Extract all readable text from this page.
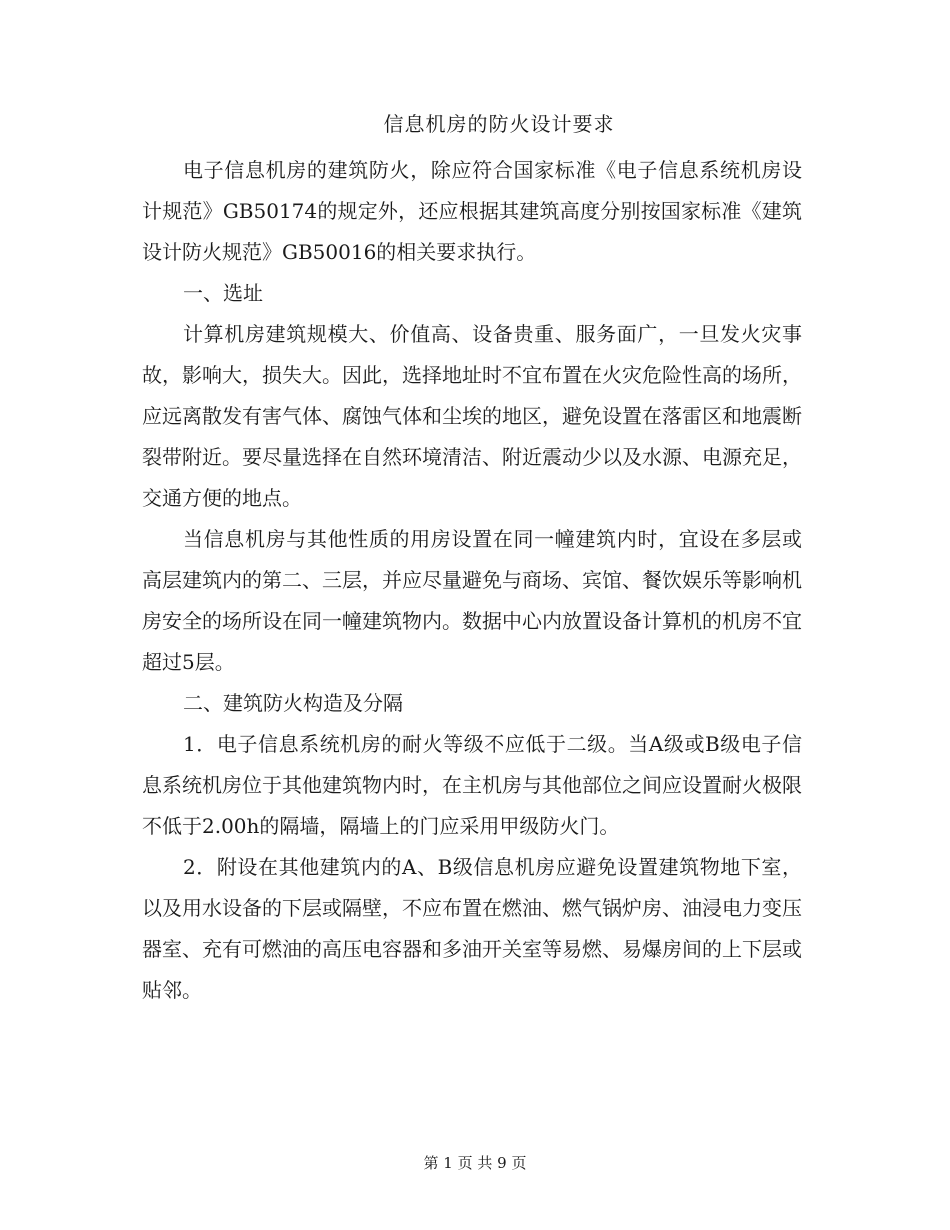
信息机房的防火设计要求

电子信息机房的建筑防火，除应符合国家标准《电子信息系统机房设计规范》GB50174的规定外，还应根据其建筑高度分别按国家标准《建筑设计防火规范》GB50016的相关要求执行。

一、选址

计算机房建筑规模大、价值高、设备贵重、服务面广，一旦发火灾事故，影响大，损失大。因此，选择地址时不宜布置在火灾危险性高的场所，应远离散发有害气体、腐蚀气体和尘埃的地区，避免设置在落雷区和地震断裂带附近。要尽量选择在自然环境清洁、附近震动少以及水源、电源充足，交通方便的地点。

当信息机房与其他性质的用房设置在同一幢建筑内时，宜设在多层或高层建筑内的第二、三层，并应尽量避免与商场、宾馆、餐饮娱乐等影响机房安全的场所设在同一幢建筑物内。数据中心内放置设备计算机的机房不宜超过5层。

二、建筑防火构造及分隔

1．电子信息系统机房的耐火等级不应低于二级。当A级或B级电子信息系统机房位于其他建筑物内时，在主机房与其他部位之间应设置耐火极限不低于2.00h的隔墙，隔墙上的门应采用甲级防火门。

2．附设在其他建筑内的A、B级信息机房应避免设置建筑物地下室，以及用水设备的下层或隔壁，不应布置在燃油、燃气锅炉房、油浸电力变压器室、充有可燃油的高压电容器和多油开关室等易燃、易爆房间的上下层或贴邻。

第 1 页 共 9 页
